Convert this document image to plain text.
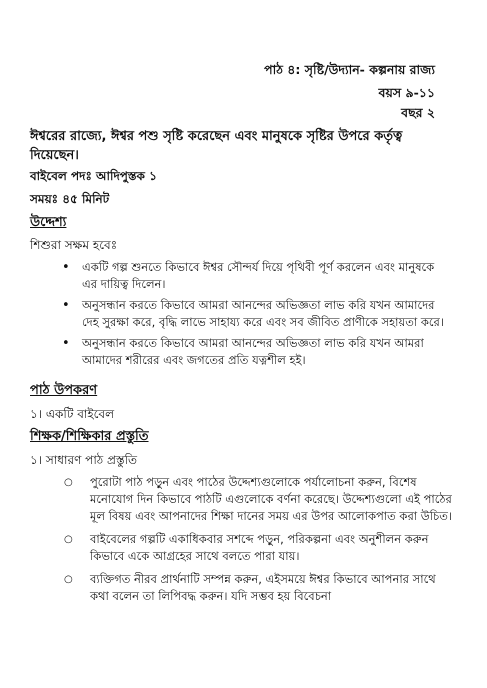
পাঠ ৪: সৃষ্টি/উদ্যান- কল্পনায় রাজ্য
বয়স ৯-১১
বছর ২
ঈশ্বরের রাজ্যে, ঈশ্বর পশু সৃষ্টি করেছেন এবং মানুষকে সৃষ্টির উপরে কর্তৃত্ব দিয়েছেন।
বাইবেল পদঃ আদিপুস্তক ১
সময়ঃ ৪৫ মিনিট
উদ্দেশ্য
শিশুরা সক্ষম হবেঃ
• একটি গল্প শুনতে কিভাবে ঈশ্বর সৌন্দর্য দিয়ে পৃথিবী পূর্ণ করলেন এবং মানুষকে এর দায়িত্ব দিলেন।
• অনুসন্ধান করতে কিভাবে আমরা আনন্দের অভিজ্ঞতা লাভ করি যখন আমাদের দেহ সুরক্ষা করে, বৃদ্ধি লাভে সাহায্য করে এবং সব জীবিত প্রাণীকে সহায়তা করে।
• অনুসন্ধান করতে কিভাবে আমরা আনন্দের অভিজ্ঞতা লাভ করি যখন আমরা আমাদের শরীরের এবং জগতের প্রতি যত্নশীল হই।
পাঠ উপকরণ
১। একটি বাইবেল
শিক্ষক/শিক্ষিকার প্রস্তুতি
১। সাধারণ পাঠ প্রস্তুতি
○ পুরোটা পাঠ পড়ুন এবং পাঠের উদ্দেশ্যগুলোকে পর্যালোচনা করুন, বিশেষ মনোযোগ দিন কিভাবে পাঠটি এগুলোকে বর্ণনা করেছে। উদ্দেশ্যগুলো এই পাঠের মূল বিষয় এবং আপনাদের শিক্ষা দানের সময় এর উপর আলোকপাত করা উচিত।
○ বাইবেলের গল্পটি একাধিকবার সশব্দে পড়ুন, পরিকল্পনা এবং অনুশীলন করুন কিভাবে একে আগ্রহের সাথে বলতে পারা যায়।
○ ব্যক্তিগত নীরব প্রার্থনাটি সম্পন্ন করুন, এইসময়ে ঈশ্বর কিভাবে আপনার সাথে কথা বলেন তা লিপিবদ্ধ করুন। যদি সম্ভব হয় বিবেচনা
